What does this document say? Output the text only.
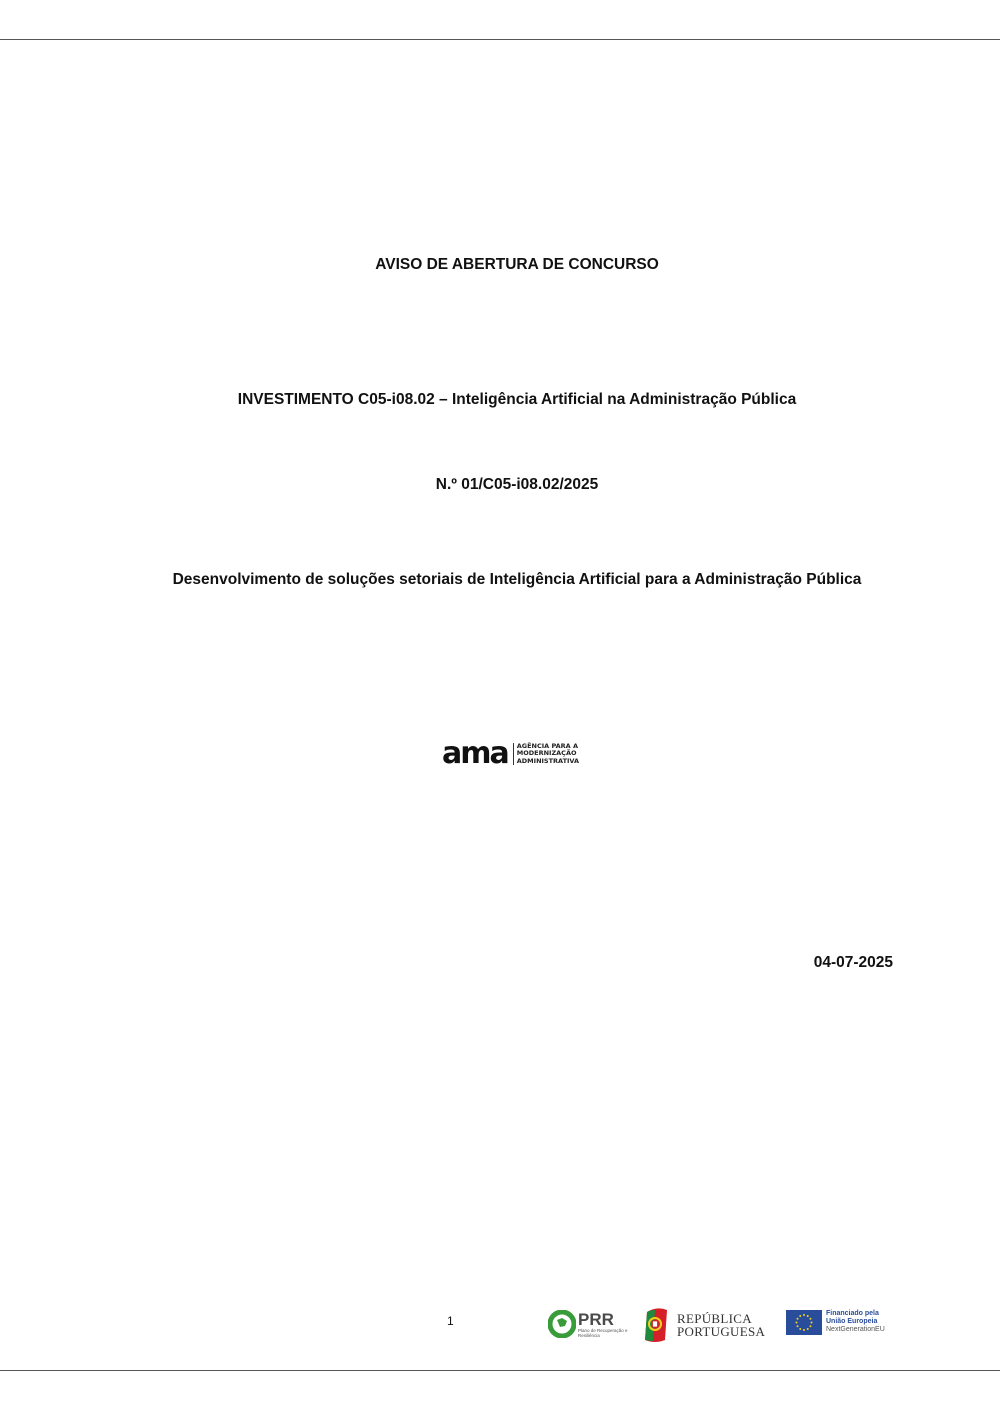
AVISO DE ABERTURA DE CONCURSO
INVESTIMENTO C05-i08.02 – Inteligência Artificial na Administração Pública
N.º 01/C05-i08.02/2025
Desenvolvimento de soluções setoriais de Inteligência Artificial para a Administração Pública
ama AGÊNCIA PARA A
MODERNIZAÇÃO
ADMINISTRATIVA
04-07-2025
1	PRR
Plano de Recuperação e Resiliência
REPÚBLICA
PORTUGUESA
Financiado pela
União Europeia
NextGenerationEU
